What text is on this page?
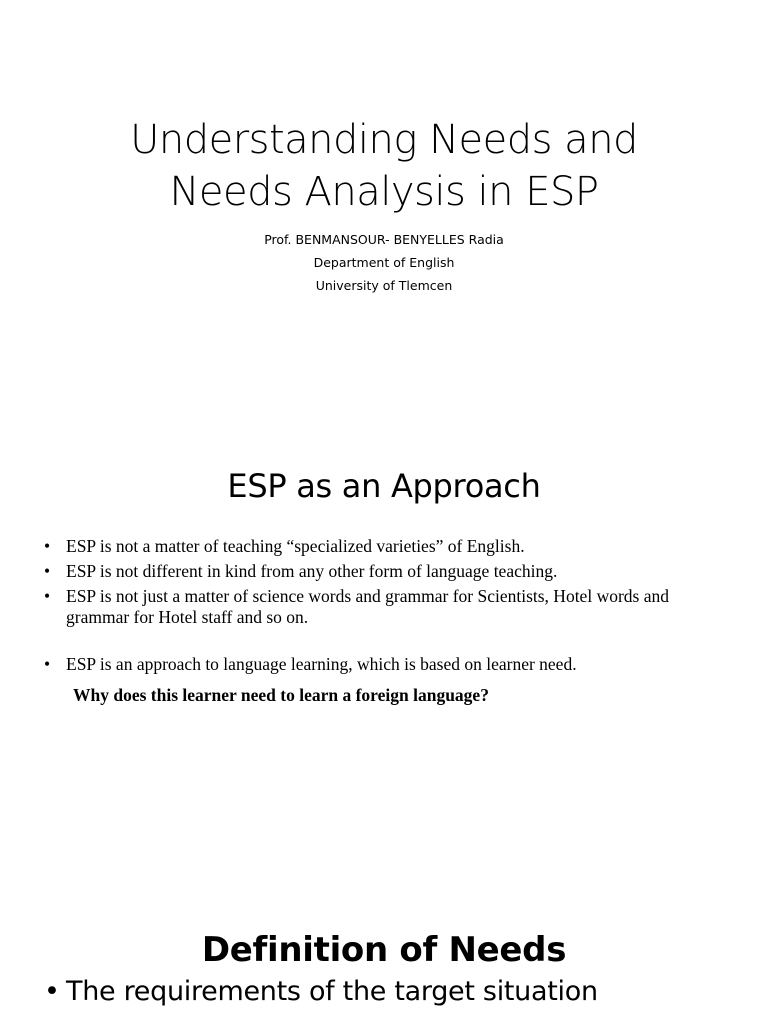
Understanding Needs and
Needs Analysis in ESP
Prof. BENMANSOUR- BENYELLES Radia
Department of English
University of Tlemcen
ESP as an Approach
• ESP is not a matter of teaching “specialized varieties” of English.
• ESP is not different in kind from any other form of language teaching.
• ESP is not just a matter of science words and grammar for Scientists, Hotel words and grammar for Hotel staff and so on.
• ESP is an approach to language learning, which is based on learner need.
Why does this learner need to learn a foreign language?
Definition of Needs
• The requirements of the target situation
